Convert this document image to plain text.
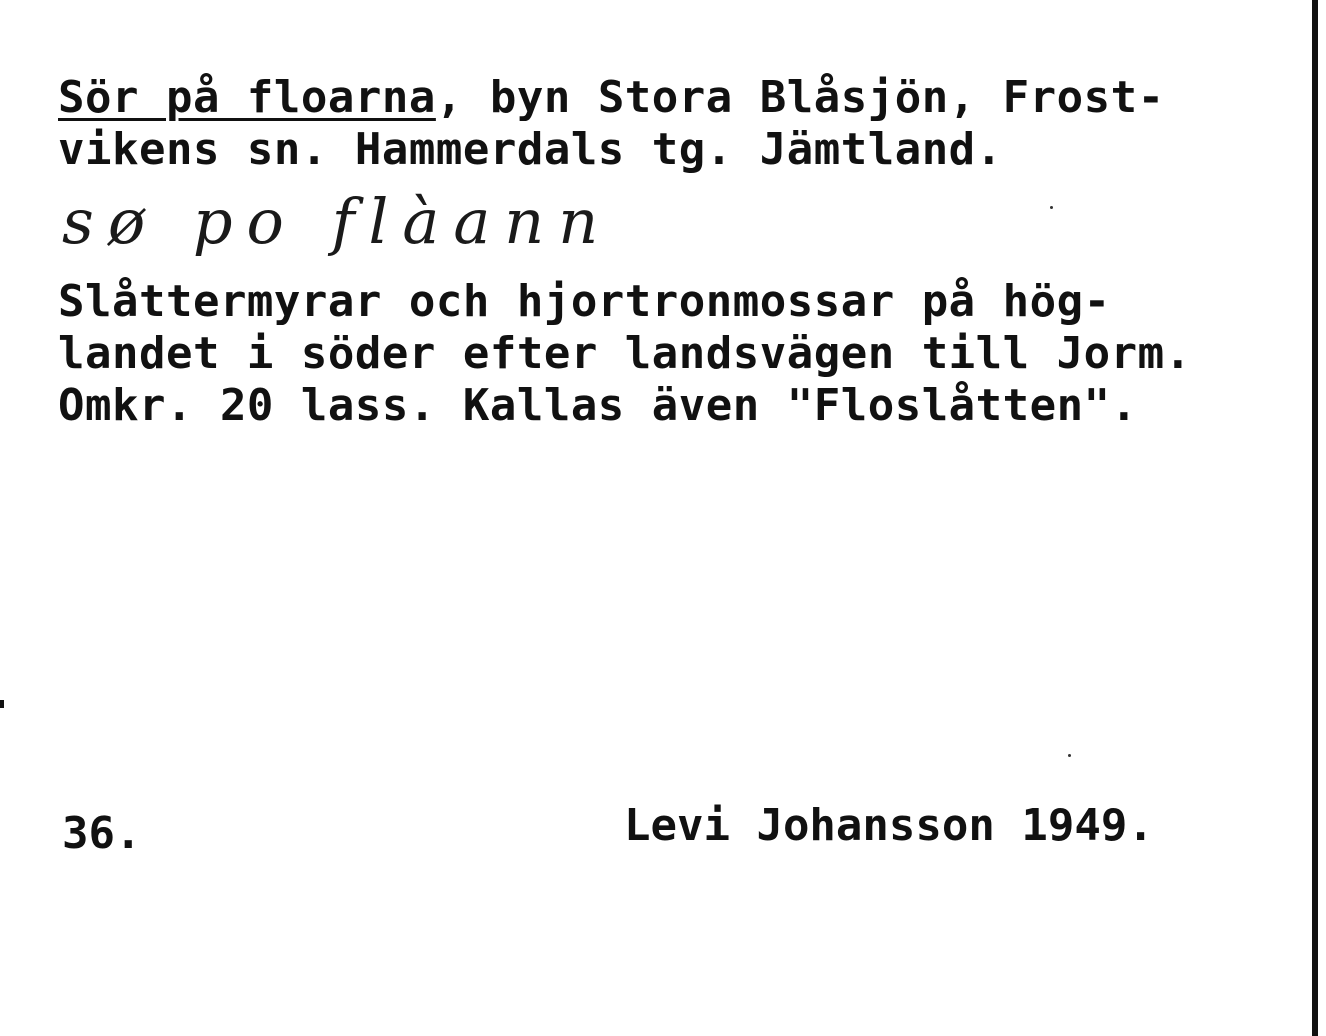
Sör på floarna, byn Stora Blåsjön, Frost-
vikens sn. Hammerdals tg. Jämtland.
sø po flàann
Slåttermyrar och hjortronmossar på hög-
landet i söder efter landsvägen till Jorm.
Omkr. 20 lass. Kallas även "Floslåtten".
36.	Levi Johansson 1949.
